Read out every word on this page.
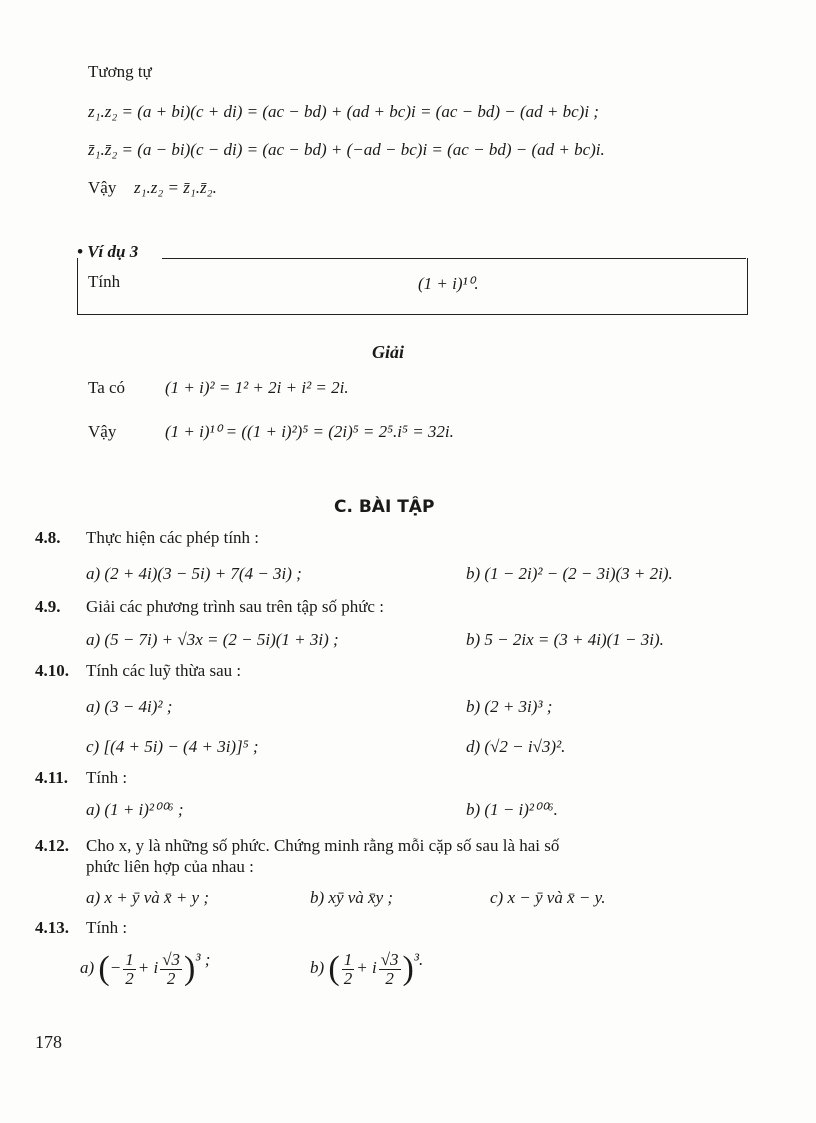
Tương tự
z₁.z₂ = (a + bi)(c + di) = (ac − bd) + (ad + bc)i = (ac − bd) − (ad + bc)i ;
z̄₁.z̄₂ = (a − bi)(c − di) = (ac − bd) + (−ad − bc)i = (ac − bd) − (ad + bc)i.
Vậy z₁.z₂ = z̄₁.z̄₂.
• Ví dụ 3
Tính	(1 + i)¹⁰.
Giải
Ta có (1 + i)² = 1² + 2i + i² = 2i.
Vậy	(1 + i)¹⁰ = ((1 + i)²)⁵ = (2i)⁵ = 2⁵.i⁵ = 32i.
C. BÀI TẬP
4.8. Thực hiện các phép tính :
a) (2 + 4i)(3 − 5i) + 7(4 − 3i) ;	b) (1 − 2i)² − (2 − 3i)(3 + 2i).
4.9. Giải các phương trình sau trên tập số phức :
a) (5 − 7i) + √3x = (2 − 5i)(1 + 3i) ;	b) 5 − 2ix = (3 + 4i)(1 − 3i).
4.10. Tính các luỹ thừa sau :
a) (3 − 4i)² ;	b) (2 + 3i)³ ;
c) [(4 + 5i) − (4 + 3i)]⁵ ;	d) (√2 − i√3)².
4.11. Tính :
a) (1 + i)²⁰⁰⁶ ;	b) (1 − i)²⁰⁰⁶.
4.12. Cho x, y là những số phức. Chứng minh rằng mỗi cặp số sau là hai số
phức liên hợp của nhau :
a) x + ȳ và x̄ + y ;	b) xȳ và x̄y ;	c) x − ȳ và x̄ − y.
4.13. Tính :
a) (− $\frac{1}{2} + i \frac{√3}{2} )^3$ ;	b) ( $\frac{1}{2} + i \frac{√3}{2} )^3$.
178
